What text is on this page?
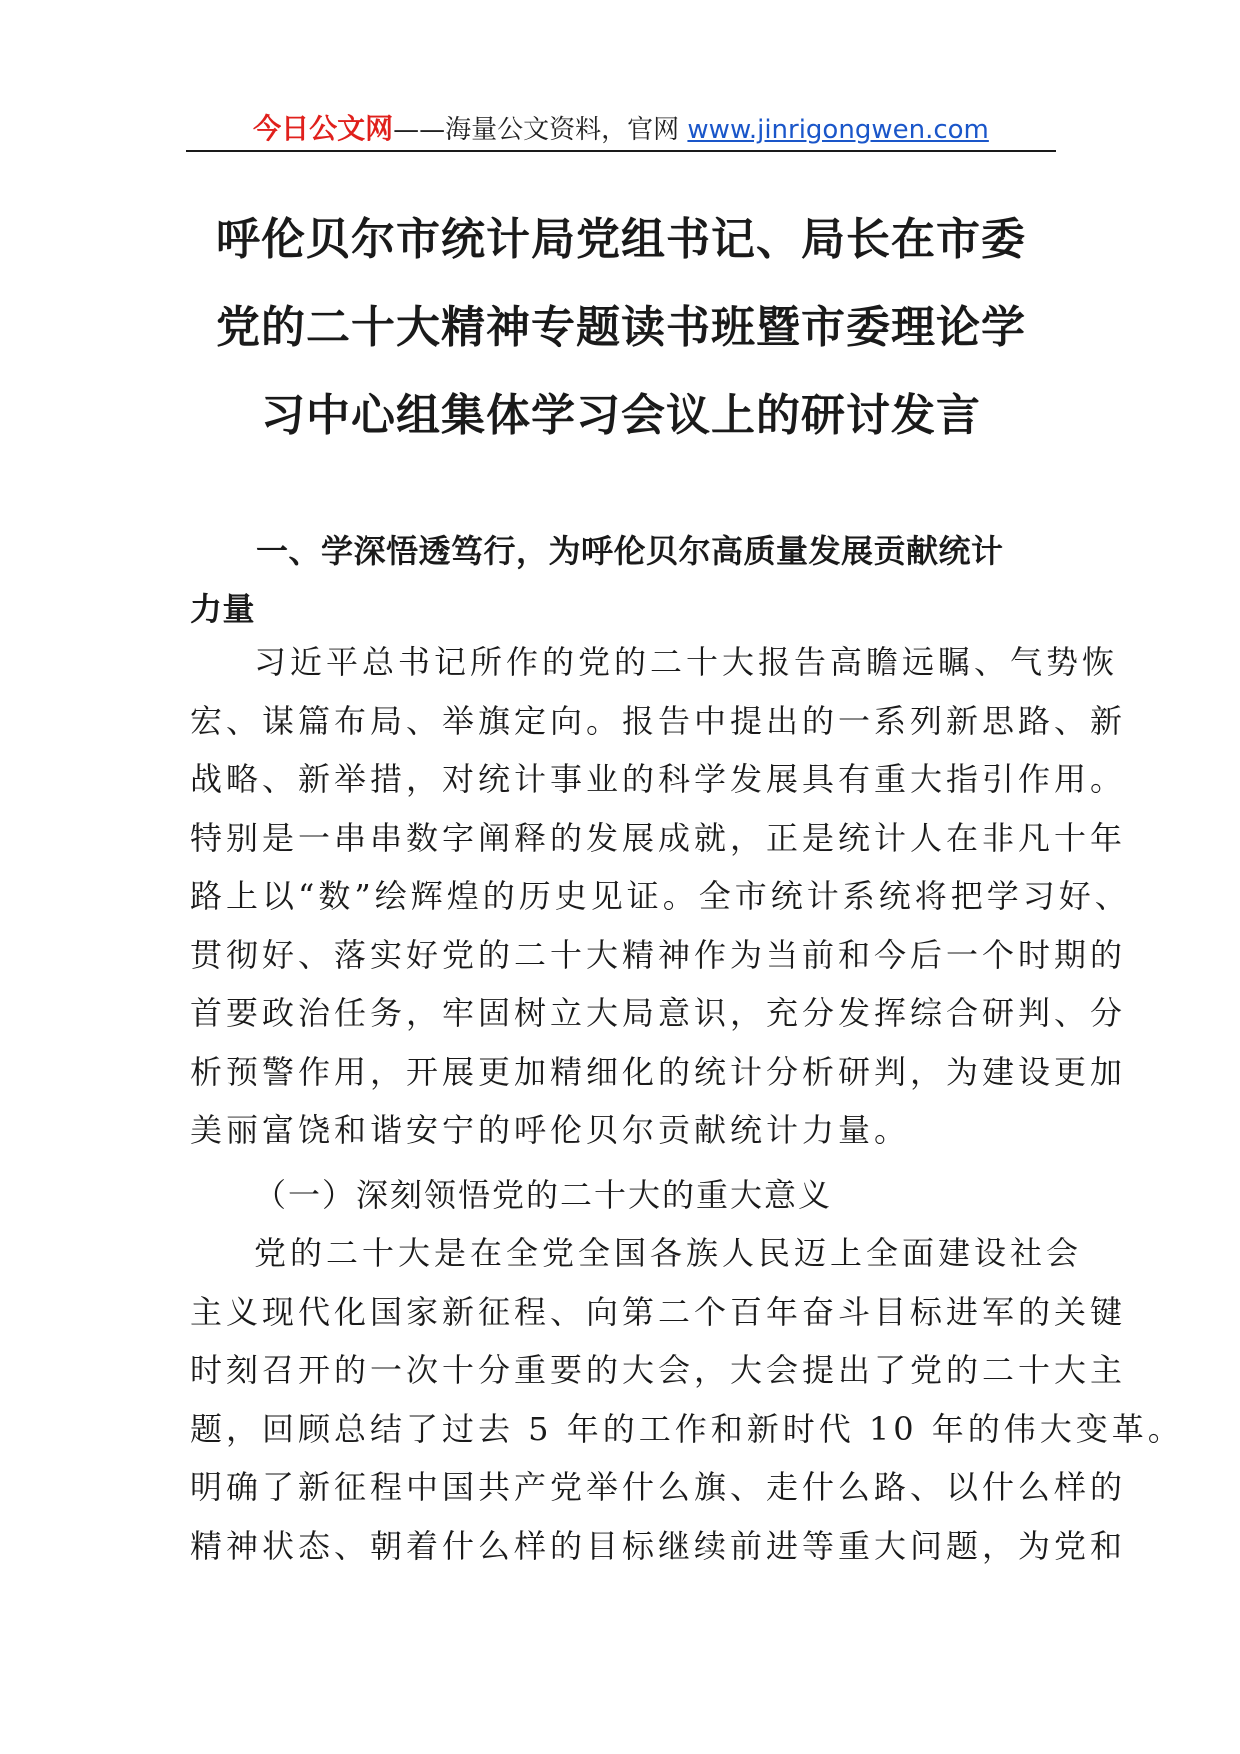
今日公文网——海量公文资料，官网 www.jinrigongwen.com
呼伦贝尔市统计局党组书记、局长在市委
党的二十大精神专题读书班暨市委理论学
习中心组集体学习会议上的研讨发言
一、学深悟透笃行，为呼伦贝尔高质量发展贡献统计
力量
习近平总书记所作的党的二十大报告高瞻远瞩、气势恢
宏、谋篇布局、举旗定向。报告中提出的一系列新思路、新
战略、新举措，对统计事业的科学发展具有重大指引作用。
特别是一串串数字阐释的发展成就，正是统计人在非凡十年
路上以“数”绘辉煌的历史见证。全市统计系统将把学习好、
贯彻好、落实好党的二十大精神作为当前和今后一个时期的
首要政治任务，牢固树立大局意识，充分发挥综合研判、分
析预警作用，开展更加精细化的统计分析研判，为建设更加
美丽富饶和谐安宁的呼伦贝尔贡献统计力量。
（一）深刻领悟党的二十大的重大意义
党的二十大是在全党全国各族人民迈上全面建设社会
主义现代化国家新征程、向第二个百年奋斗目标进军的关键
时刻召开的一次十分重要的大会，大会提出了党的二十大主
题，回顾总结了过去 5 年的工作和新时代 10 年的伟大变革。
明确了新征程中国共产党举什么旗、走什么路、以什么样的
精神状态、朝着什么样的目标继续前进等重大问题，为党和
